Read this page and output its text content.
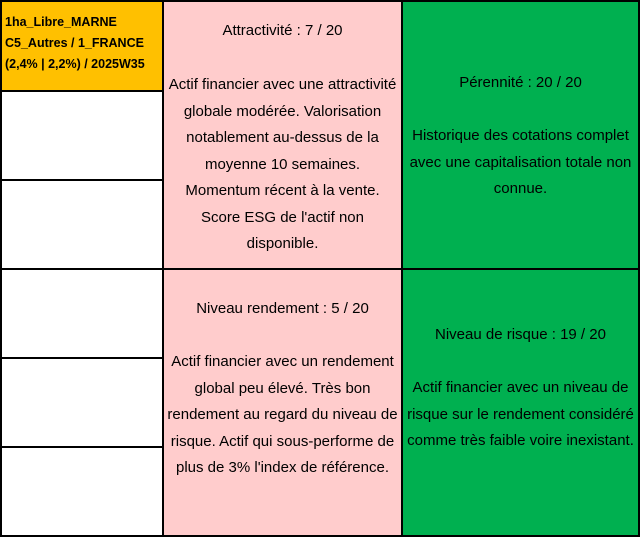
1ha_Libre_MARNE
C5_Autres / 1_FRANCE
(2,4% | 2,2%) / 2025W35
Attractivité : 7 / 20
Actif financier avec une attractivité globale modérée. Valorisation notablement au-dessus de la moyenne 10 semaines. Momentum récent à la vente. Score ESG de l'actif non disponible.
Pérennité : 20 / 20
Historique des cotations complet avec une capitalisation totale non connue.
Niveau rendement : 5 / 20
Actif financier avec un rendement global peu élevé. Très bon rendement au regard du niveau de risque. Actif qui sous-performe de plus de 3% l'index de référence.
Niveau de risque : 19 / 20
Actif financier avec un niveau de risque sur le rendement considéré comme très faible voire inexistant.
